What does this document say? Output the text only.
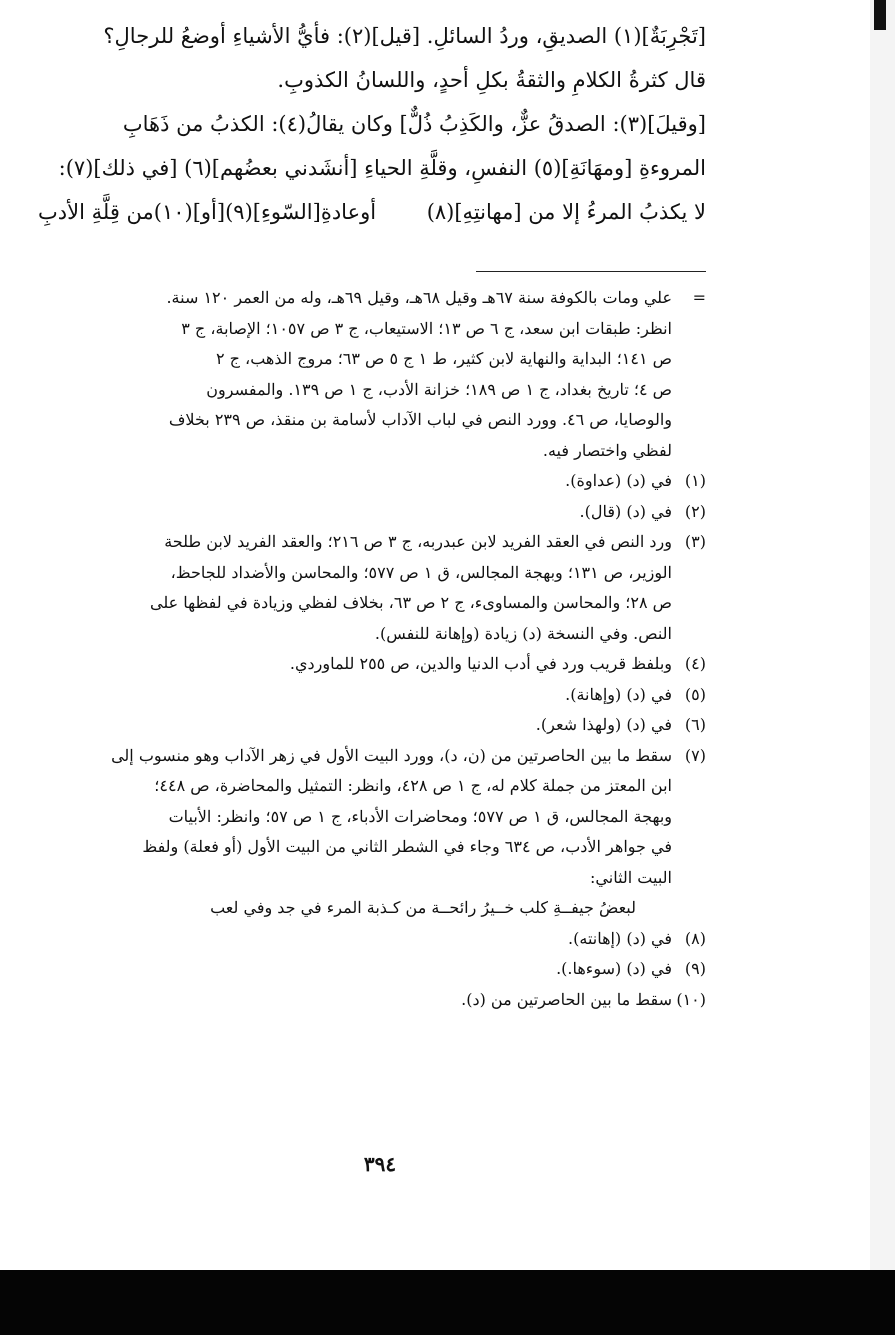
[تَجْرِبَةٌ](١) الصديقِ، وردُ السائلِ. [قيل](٢): فأيُّ الأشياءِ أوضعُ للرجالِ؟

قال كثرةُ الكلامِ والثقةُ بكلِ أحدٍ، واللسانُ الكذوبِ.

[وقيلَ](٣): الصدقُ عزٌّ، والكَذِبُ ذُلٌّ] وكان يقالُ(٤): الكذبُ من ذَهَابِ

المروءةِ [ومهَانَةِ](٥) النفسِ، وقلَّةِ الحياءِ [أنشَدني بعضُهم](٦) [في ذلك](٧):

لا يكذبُ المرءُ إلا من [مهانتِهِ](٨)
أوعادةِ[السّوءِ](٩)[أو](١٠)من قِلَّةِ الأدبِ

=
علي ومات بالكوفة سنة ٦٧هـ وقيل ٦٨هـ، وقيل ٦٩هـ، وله من العمر ١٢٠ سنة.
انظر: طبقات ابن سعد، ج ٦ ص ١٣؛ الاستيعاب، ج ٣ ص ١٠٥٧؛ الإصابة، ج ٣
ص ١٤١؛ البداية والنهاية لابن كثير، ط ١ ج ٥ ص ٦٣؛ مروج الذهب، ج ٢
ص ٤؛ تاريخ بغداد، ج ١ ص ١٨٩؛ خزانة الأدب، ج ١ ص ١٣٩. والمفسرون
والوصايا، ص ٤٦. وورد النص في لباب الآداب لأسامة بن منقذ، ص ٢٣٩ بخلاف
لفظي واختصار فيه.
(١)
في (د) (عداوة).
(٢)
في (د) (قال).
(٣)
ورد النص في العقد الفريد لابن عبدربه، ج ٣ ص ٢١٦؛ والعقد الفريد لابن طلحة
الوزير، ص ١٣١؛ وبهجة المجالس، ق ١ ص ٥٧٧؛ والمحاسن والأضداد للجاحظ،
ص ٢٨؛ والمحاسن والمساوىء، ج ٢ ص ٦٣، بخلاف لفظي وزيادة في لفظها على
النص. وفي النسخة (د) زيادة (وإهانة للنفس).
(٤)
وبلفظ قريب ورد في أدب الدنيا والدين، ص ٢٥٥ للماوردي.
(٥)
في (د) (وإهانة).
(٦)
في (د) (ولهذا شعر).
(٧)
سقط ما بين الحاصرتين من (ن، د)، وورد البيت الأول في زهر الآداب وهو منسوب إلى
ابن المعتز من جملة كلام له، ج ١ ص ٤٢٨، وانظر: التمثيل والمحاضرة، ص ٤٤٨؛
وبهجة المجالس، ق ١ ص ٥٧٧؛ ومحاضرات الأدباء، ج ١ ص ٥٧؛ وانظر: الأبيات
في جواهر الأدب، ص ٦٣٤ وجاء في الشطر الثاني من البيت الأول (أو فعلة) ولفظ
البيت الثاني:
لبعضُ جيفــةِ كلب خــيرُ رائحــة من كـذبة المرء في جد وفي لعب
(٨)
في (د) (إهانته).
(٩)
في (د) (سوءها.).
(١٠)
سقط ما بين الحاصرتين من (د).
٣٩٤
